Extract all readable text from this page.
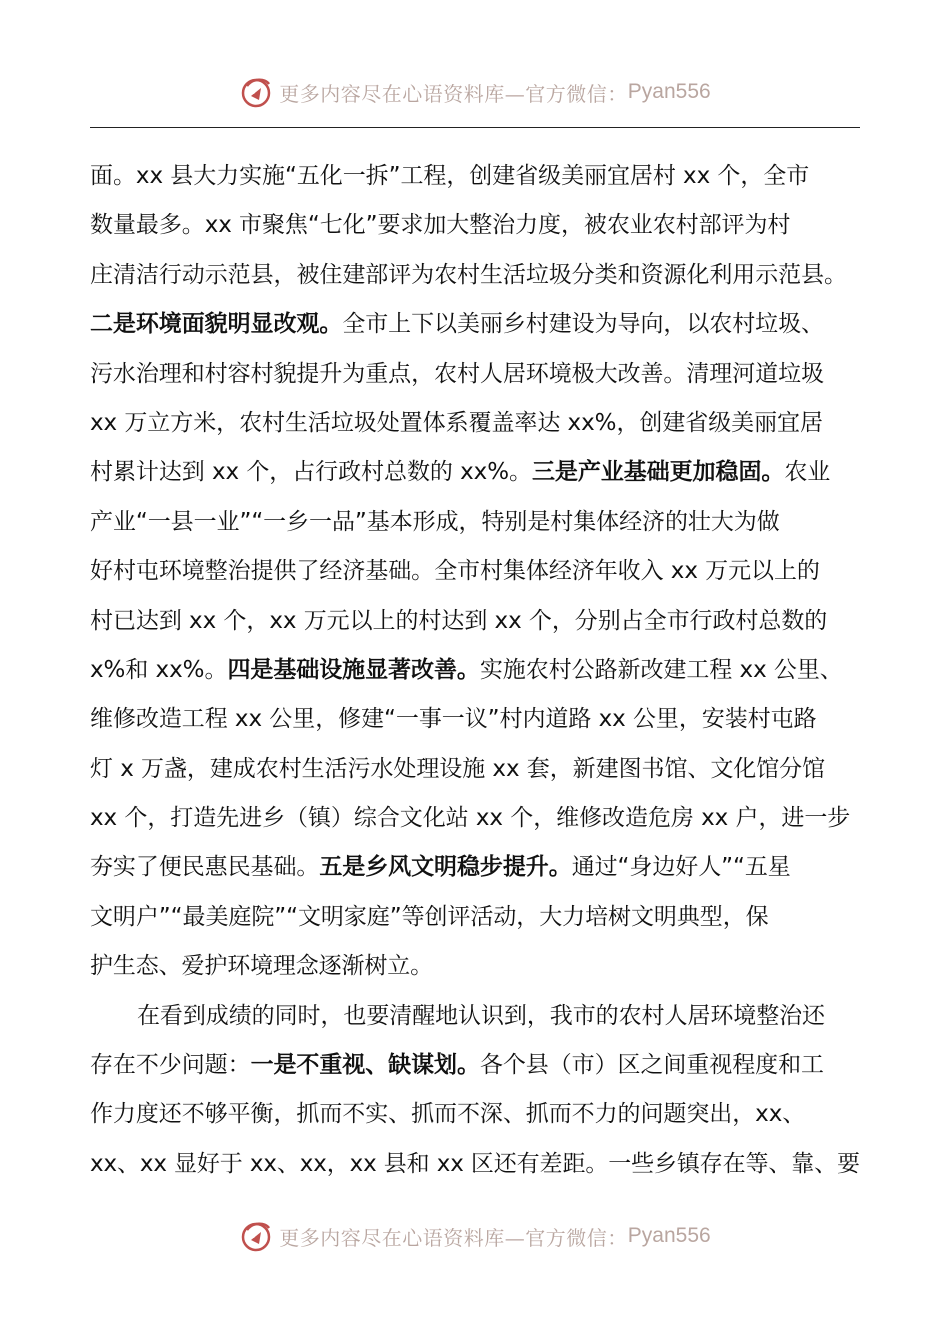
更多内容尽在心语资料库—官方微信： Pyan556
面。xx 县大力实施“五化一拆”工程，创建省级美丽宜居村 xx 个，全市
数量最多。xx 市聚焦“七化”要求加大整治力度，被农业农村部评为村
庄清洁行动示范县，被住建部评为农村生活垃圾分类和资源化利用示范县。
二是环境面貌明显改观。全市上下以美丽乡村建设为导向，以农村垃圾、
污水治理和村容村貌提升为重点，农村人居环境极大改善。清理河道垃圾
xx 万立方米，农村生活垃圾处置体系覆盖率达 xx%，创建省级美丽宜居
村累计达到 xx 个，占行政村总数的 xx%。三是产业基础更加稳固。农业
产业“一县一业”“一乡一品”基本形成，特别是村集体经济的壮大为做
好村屯环境整治提供了经济基础。全市村集体经济年收入 xx 万元以上的
村已达到 xx 个，xx 万元以上的村达到 xx 个，分别占全市行政村总数的
x%和 xx%。四是基础设施显著改善。实施农村公路新改建工程 xx 公里、
维修改造工程 xx 公里，修建“一事一议”村内道路 xx 公里，安装村屯路
灯 x 万盏，建成农村生活污水处理设施 xx 套，新建图书馆、文化馆分馆
xx 个，打造先进乡（镇）综合文化站 xx 个，维修改造危房 xx 户，进一步
夯实了便民惠民基础。五是乡风文明稳步提升。通过“身边好人”“五星
文明户”“最美庭院”“文明家庭”等创评活动，大力培树文明典型，保
护生态、爱护环境理念逐渐树立。
在看到成绩的同时，也要清醒地认识到，我市的农村人居环境整治还
存在不少问题：一是不重视、缺谋划。各个县（市）区之间重视程度和工
作力度还不够平衡，抓而不实、抓而不深、抓而不力的问题突出，xx、
xx、xx 显好于 xx、xx，xx 县和 xx 区还有差距。一些乡镇存在等、靠、要
更多内容尽在心语资料库—官方微信： Pyan556
